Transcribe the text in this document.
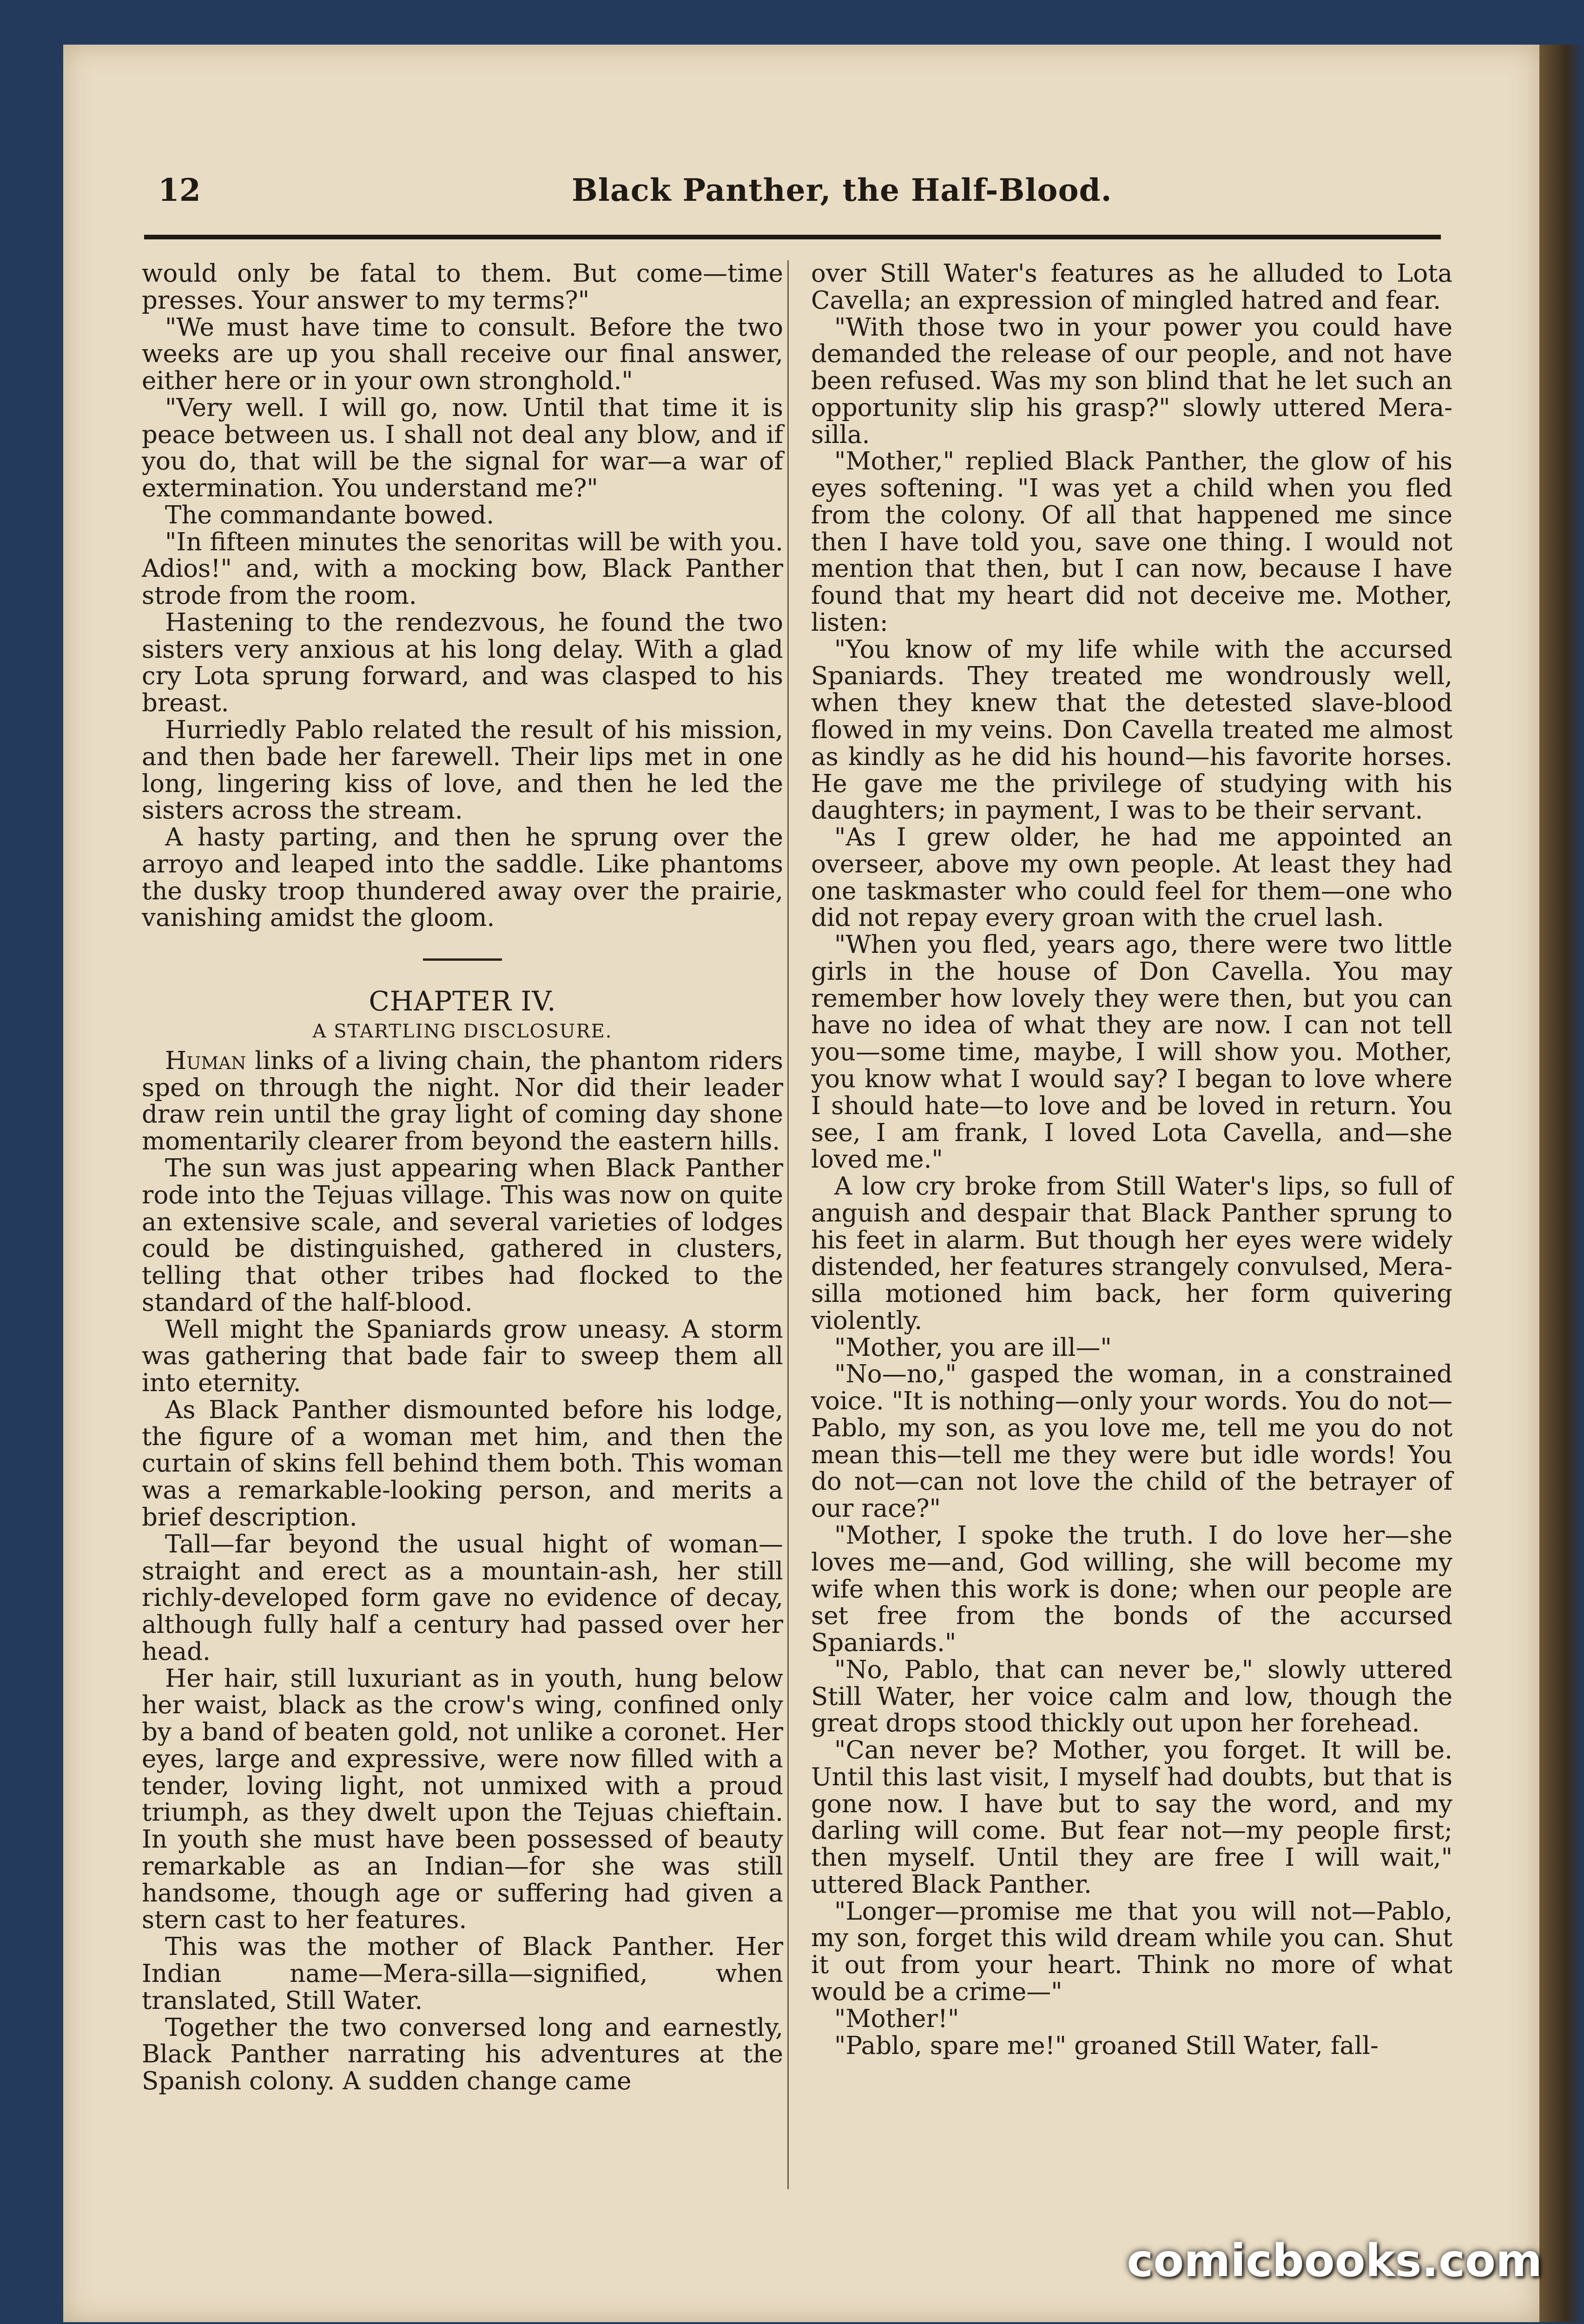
12	Black Panther, the Half-Blood.

would only be fatal to them. But come—time presses. Your answer to my terms?"

"We must have time to consult. Before the two weeks are up you shall receive our final answer, either here or in your own stronghold."

"Very well. I will go, now. Until that time it is peace between us. I shall not deal any blow, and if you do, that will be the signal for war—a war of extermination. You understand me?"

The commandante bowed.

"In fifteen minutes the senoritas will be with you. Adios!" and, with a mocking bow, Black Panther strode from the room.

Hastening to the rendezvous, he found the two sisters very anxious at his long delay. With a glad cry Lota sprung forward, and was clasped to his breast.

Hurriedly Pablo related the result of his mission, and then bade her farewell. Their lips met in one long, lingering kiss of love, and then he led the sisters across the stream.

A hasty parting, and then he sprung over the arroyo and leaped into the saddle. Like phantoms the dusky troop thundered away over the prairie, vanishing amidst the gloom.

CHAPTER IV.
A STARTLING DISCLOSURE.

Human links of a living chain, the phantom riders sped on through the night. Nor did their leader draw rein until the gray light of coming day shone momentarily clearer from beyond the eastern hills.

The sun was just appearing when Black Panther rode into the Tejuas village. This was now on quite an extensive scale, and several varieties of lodges could be distinguished, gathered in clusters, telling that other tribes had flocked to the standard of the half-blood.

Well might the Spaniards grow uneasy. A storm was gathering that bade fair to sweep them all into eternity.

As Black Panther dismounted before his lodge, the figure of a woman met him, and then the curtain of skins fell behind them both. This woman was a remarkable-looking person, and merits a brief description.

Tall—far beyond the usual hight of woman—straight and erect as a mountain-ash, her still richly-developed form gave no evidence of decay, although fully half a century had passed over her head.

Her hair, still luxuriant as in youth, hung below her waist, black as the crow's wing, confined only by a band of beaten gold, not unlike a coronet. Her eyes, large and expressive, were now filled with a tender, loving light, not unmixed with a proud triumph, as they dwelt upon the Tejuas chieftain. In youth she must have been possessed of beauty remarkable as an Indian—for she was still handsome, though age or suffering had given a stern cast to her features.

This was the mother of Black Panther. Her Indian name—Mera-silla—signified, when translated, Still Water.

Together the two conversed long and earnestly, Black Panther narrating his adventures at the Spanish colony. A sudden change came

over Still Water's features as he alluded to Lota Cavella; an expression of mingled hatred and fear.

"With those two in your power you could have demanded the release of our people, and not have been refused. Was my son blind that he let such an opportunity slip his grasp?" slowly uttered Mera-silla.

"Mother," replied Black Panther, the glow of his eyes softening. "I was yet a child when you fled from the colony. Of all that happened me since then I have told you, save one thing. I would not mention that then, but I can now, because I have found that my heart did not deceive me. Mother, listen:

"You know of my life while with the accursed Spaniards. They treated me wondrously well, when they knew that the detested slave-blood flowed in my veins. Don Cavella treated me almost as kindly as he did his hound—his favorite horses. He gave me the privilege of studying with his daughters; in payment, I was to be their servant.

"As I grew older, he had me appointed an overseer, above my own people. At least they had one taskmaster who could feel for them—one who did not repay every groan with the cruel lash.

"When you fled, years ago, there were two little girls in the house of Don Cavella. You may remember how lovely they were then, but you can have no idea of what they are now. I can not tell you—some time, maybe, I will show you. Mother, you know what I would say? I began to love where I should hate—to love and be loved in return. You see, I am frank, I loved Lota Cavella, and—she loved me."

A low cry broke from Still Water's lips, so full of anguish and despair that Black Panther sprung to his feet in alarm. But though her eyes were widely distended, her features strangely convulsed, Mera-silla motioned him back, her form quivering violently.

"Mother, you are ill—"

"No—no," gasped the woman, in a constrained voice. "It is nothing—only your words. You do not— Pablo, my son, as you love me, tell me you do not mean this—tell me they were but idle words! You do not—can not love the child of the betrayer of our race?"

"Mother, I spoke the truth. I do love her—she loves me—and, God willing, she will become my wife when this work is done; when our people are set free from the bonds of the accursed Spaniards."

"No, Pablo, that can never be," slowly uttered Still Water, her voice calm and low, though the great drops stood thickly out upon her forehead.

"Can never be? Mother, you forget. It will be. Until this last visit, I myself had doubts, but that is gone now. I have but to say the word, and my darling will come. But fear not—my people first; then myself. Until they are free I will wait," uttered Black Panther.

"Longer—promise me that you will not—Pablo, my son, forget this wild dream while you can. Shut it out from your heart. Think no more of what would be a crime—"

"Mother!"

"Pablo, spare me!" groaned Still Water, fall-

comicbooks.com
